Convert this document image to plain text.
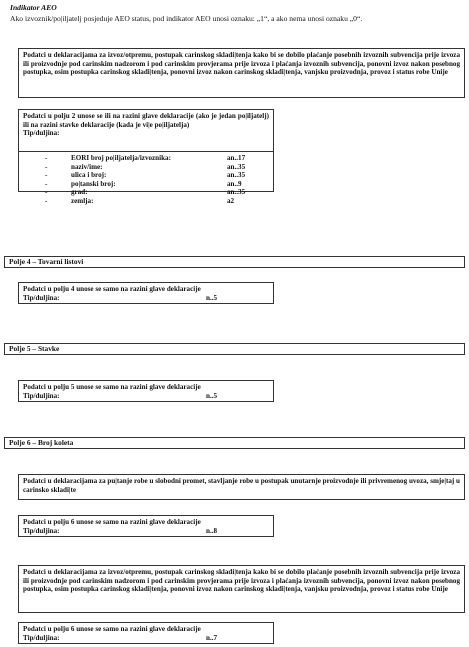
Indikator AEO
Ako izvoznik/po|ilјatelj posjeduje AEO status, pod indikator AEO unosi oznaku: „1“, a ako nema unosi oznaku „0“.
Podatci u deklaracijama za izvoz/otpremu, postupak carinskog skladi|tenja kako bi se dobilo plaćanje posebnih izvoznih subvencija prije izvoza ili proizvodnje pod carinskim nadzorom i pod carinskim provjerama prije izvoza i plaćanja izvoznih subvencija, ponovni izvoz nakon posebnog postupka, osim postupka carinskog skladi|tenja, ponovni izvoz nakon carinskog skladi|tenja, vanjsku proizvodnja, provoz i status robe Unije
Podatci u polju 2 unose se ili na razini glave deklaracije (ako je jedan po|ilјatelj) ili na razini stavke deklaracije (kada je vi|e po|ilјatelja)
Tip/duljina:
-	EORI broj po|ilјatelja/izvoznika:	an..17
-	naziv/ime:	an..35
-	ulica i broj:	an..35
-	po|tanski broj:	an..9
-	grad:	an..35
-	zemlja:	a2
Polje 4 – Tovarni listovi
Podatci u polju 4 unose se samo na razini glave deklaracije
Tip/duljina:	n..5
Polje 5 – Stavke
Podatci u polju 5 unose se samo na razini glave deklaracije
Tip/duljina:	n..5
Polje 6 – Broj koleta
Podatci u deklaracijama za pu|tanje robe u slobodni promet, stavljanje robe u postupak unutarnje proizvodnje ili privremenog uvoza, smje|taj u carinsko skladi|te
Podatci u polju 6 unose se samo na razini glave deklaracije
Tip/duljina:	n..8
Podatci u deklaracijama za izvoz/otpremu, postupak carinskog skladi|tenja kako bi se dobilo plaćanje posebnih izvoznih subvencija prije izvoza ili proizvodnje pod carinskim nadzorom i pod carinskim provjerama prije izvoza i plaćanja izvoznih subvencija, ponovni izvoz nakon posebnog postupka, osim postupka carinskog skladi|tenja, ponovni izvoz nakon carinskog skladi|tenja, vanjsku proizvodnja, provoz i status robe Unije
Podatci u polju 6 unose se samo na razini glave deklaracije
Tip/duljina:	n..7
